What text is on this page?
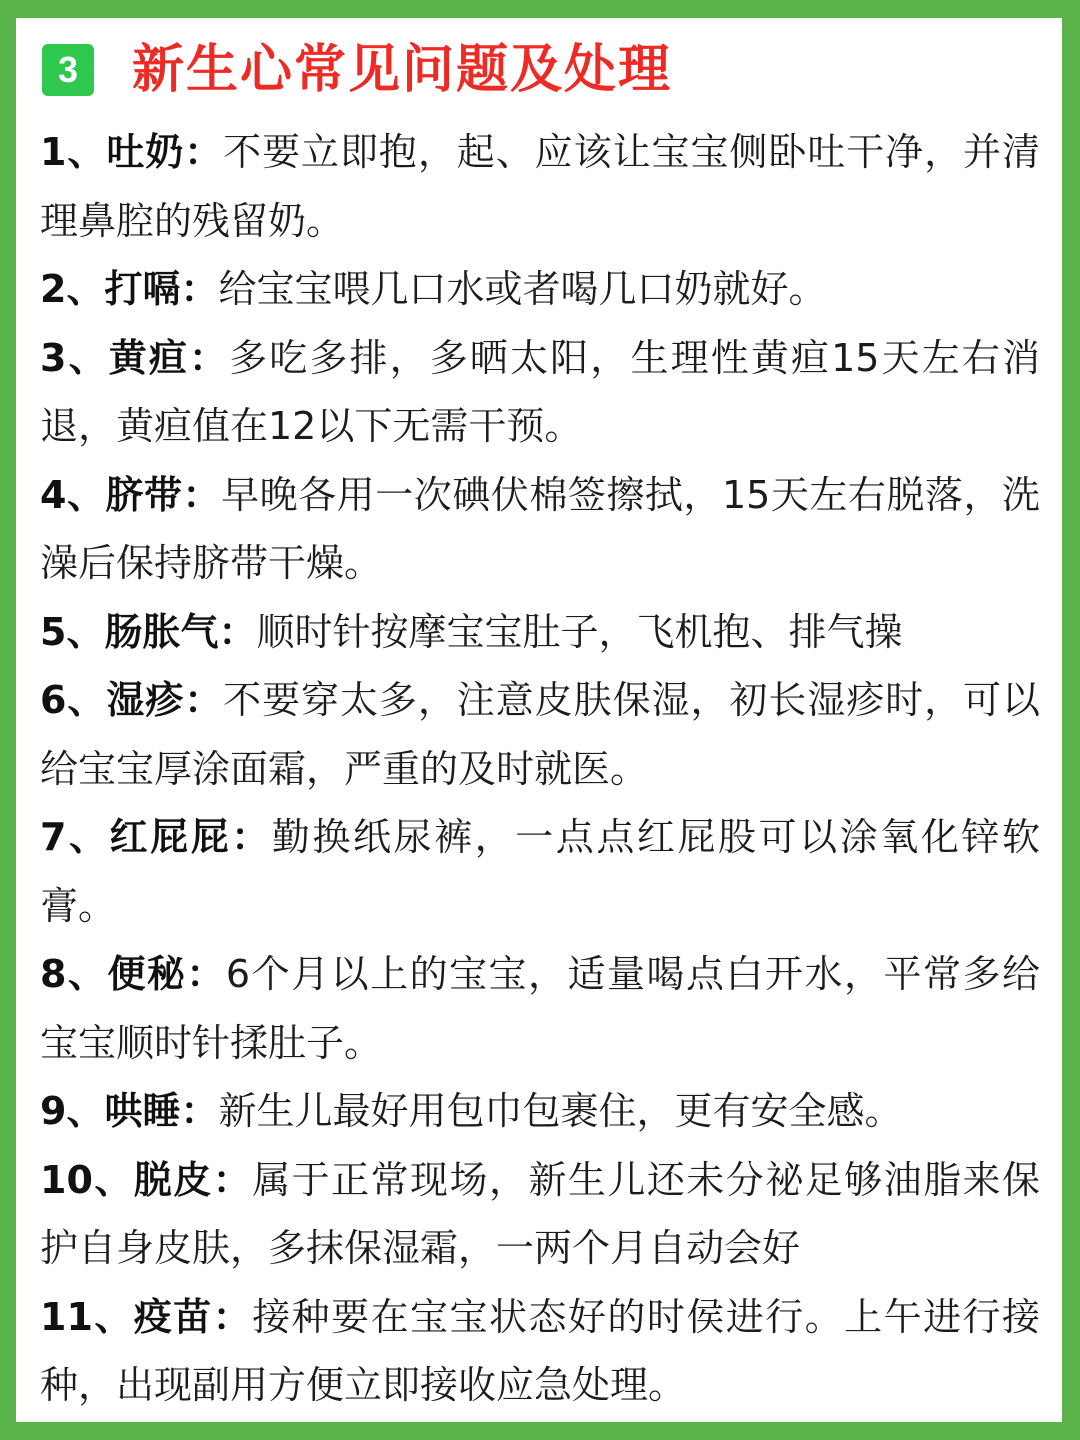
3	新生心常见问题及处理
1、吐奶：不要立即抱，起、应该让宝宝侧卧吐干净，并清理鼻腔的残留奶。
2、打嗝：给宝宝喂几口水或者喝几口奶就好。
3、黄疸：多吃多排，多晒太阳，生理性黄疸15天左右消退，黄疸值在12以下无需干预。
4、脐带：早晚各用一次碘伏棉签擦拭，15天左右脱落，洗澡后保持脐带干燥。
5、肠胀气：顺时针按摩宝宝肚子，飞机抱、排气操
6、湿疹：不要穿太多，注意皮肤保湿，初长湿疹时，可以给宝宝厚涂面霜，严重的及时就医。
7、红屁屁：勤换纸尿裤，一点点红屁股可以涂氧化锌软膏。
8、便秘：6个月以上的宝宝，适量喝点白开水，平常多给宝宝顺时针揉肚子。
9、哄睡：新生儿最好用包巾包裹住，更有安全感。
10、脱皮：属于正常现场，新生儿还未分祕足够油脂来保护自身皮肤，多抹保湿霜，一两个月自动会好
11、疫苗：接种要在宝宝状态好的时侯进行。上午进行接种，出现副用方便立即接收应急处理。
